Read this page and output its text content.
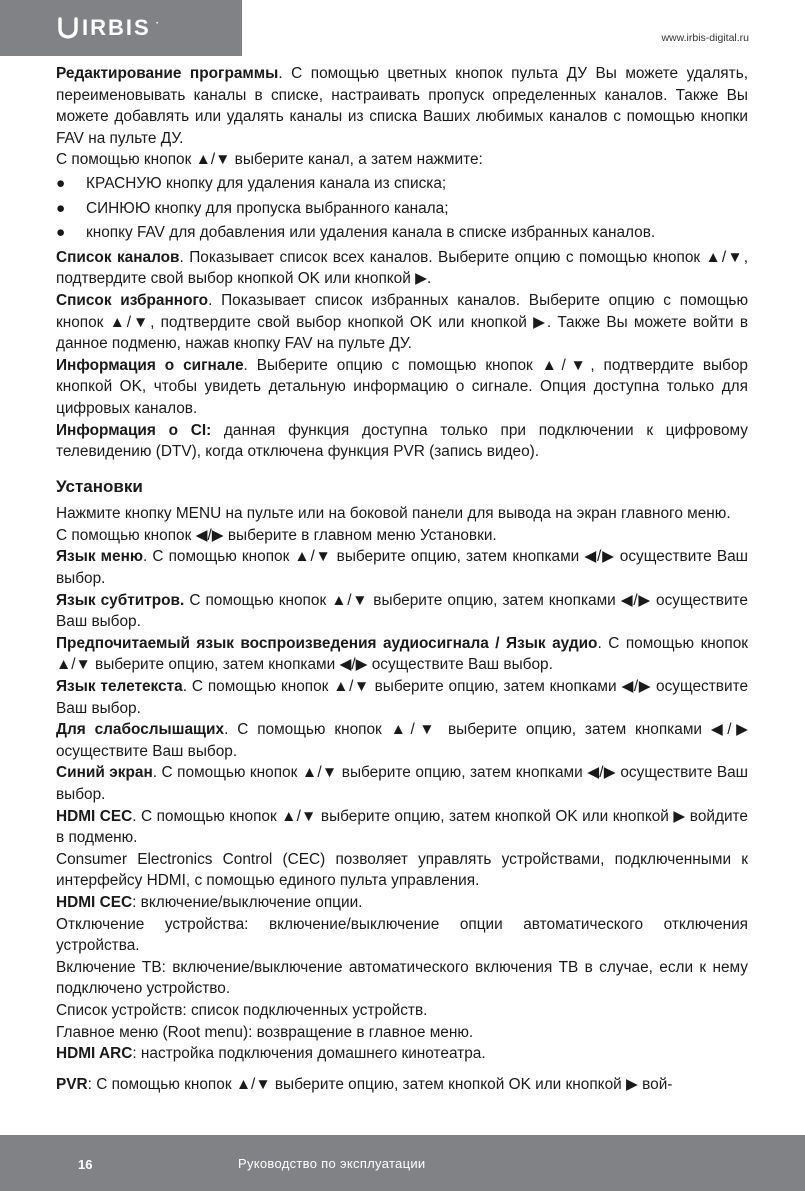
IRBIS ·
www.irbis-digital.ru

Редактирование программы. С помощью цветных кнопок пульта ДУ Вы можете удалять, переименовывать каналы в списке, настраивать пропуск определенных каналов. Также Вы можете добавлять или удалять каналы из списка Ваших любимых каналов с помощью кнопки FAV на пульте ДУ.

С помощью кнопок ▲/▼ выберите канал, а затем нажмите:

●	КРАСНУЮ кнопку для удаления канала из списка;
●	СИНЮЮ кнопку для пропуска выбранного канала;
●	кнопку FAV для добавления или удаления канала в списке избранных каналов.

Список каналов. Показывает список всех каналов. Выберите опцию с помощью кнопок ▲/▼, подтвердите свой выбор кнопкой OK или кнопкой ▶.

Список избранного. Показывает список избранных каналов. Выберите опцию с помощью кнопок ▲/▼, подтвердите свой выбор кнопкой OK или кнопкой ▶. Также Вы можете войти в данное подменю, нажав кнопку FAV на пульте ДУ.

Информация о сигнале. Выберите опцию с помощью кнопок ▲/▼, подтвердите выбор кнопкой OK, чтобы увидеть детальную информацию о сигнале. Опция доступна только для цифровых каналов.

Информация о CI: данная функция доступна только при подключении к цифровому телевидению (DTV), когда отключена функция PVR (запись видео).

Установки

Нажмите кнопку MENU на пульте или на боковой панели для вывода на экран главного меню.

С помощью кнопок ◀/▶ выберите в главном меню Установки.

Язык меню. С помощью кнопок ▲/▼ выберите опцию, затем кнопками ◀/▶ осуществите Ваш выбор.

Язык субтитров. С помощью кнопок ▲/▼ выберите опцию, затем кнопками ◀/▶ осуществите Ваш выбор.

Предпочитаемый язык воспроизведения аудиосигнала / Язык аудио. С помощью кнопок ▲/▼ выберите опцию, затем кнопками ◀/▶ осуществите Ваш выбор.

Язык телетекста. С помощью кнопок ▲/▼ выберите опцию, затем кнопками ◀/▶ осуществите Ваш выбор.

Для слабослышащих. С помощью кнопок ▲/▼ выберите опцию, затем кнопками ◀/▶ осуществите Ваш выбор.

Синий экран. С помощью кнопок ▲/▼ выберите опцию, затем кнопками ◀/▶ осуществите Ваш выбор.

HDMI CEC. С помощью кнопок ▲/▼ выберите опцию, затем кнопкой OK или кнопкой ▶ войдите в подменю.

Consumer Electronics Control (CEC) позволяет управлять устройствами, подключенными к интерфейсу HDMI, с помощью единого пульта управления.

HDMI CEC: включение/выключение опции.

Отключение устройства: включение/выключение опции автоматического отключения устройства.

Включение ТВ: включение/выключение автоматического включения ТВ в случае, если к нему подключено устройство.

Список устройств: список подключенных устройств.

Главное меню (Root menu): возвращение в главное меню.

HDMI ARC: настройка подключения домашнего кинотеатра.

PVR: С помощью кнопок ▲/▼ выберите опцию, затем кнопкой OK или кнопкой ▶ вой-

16	Руководство по эксплуатации
